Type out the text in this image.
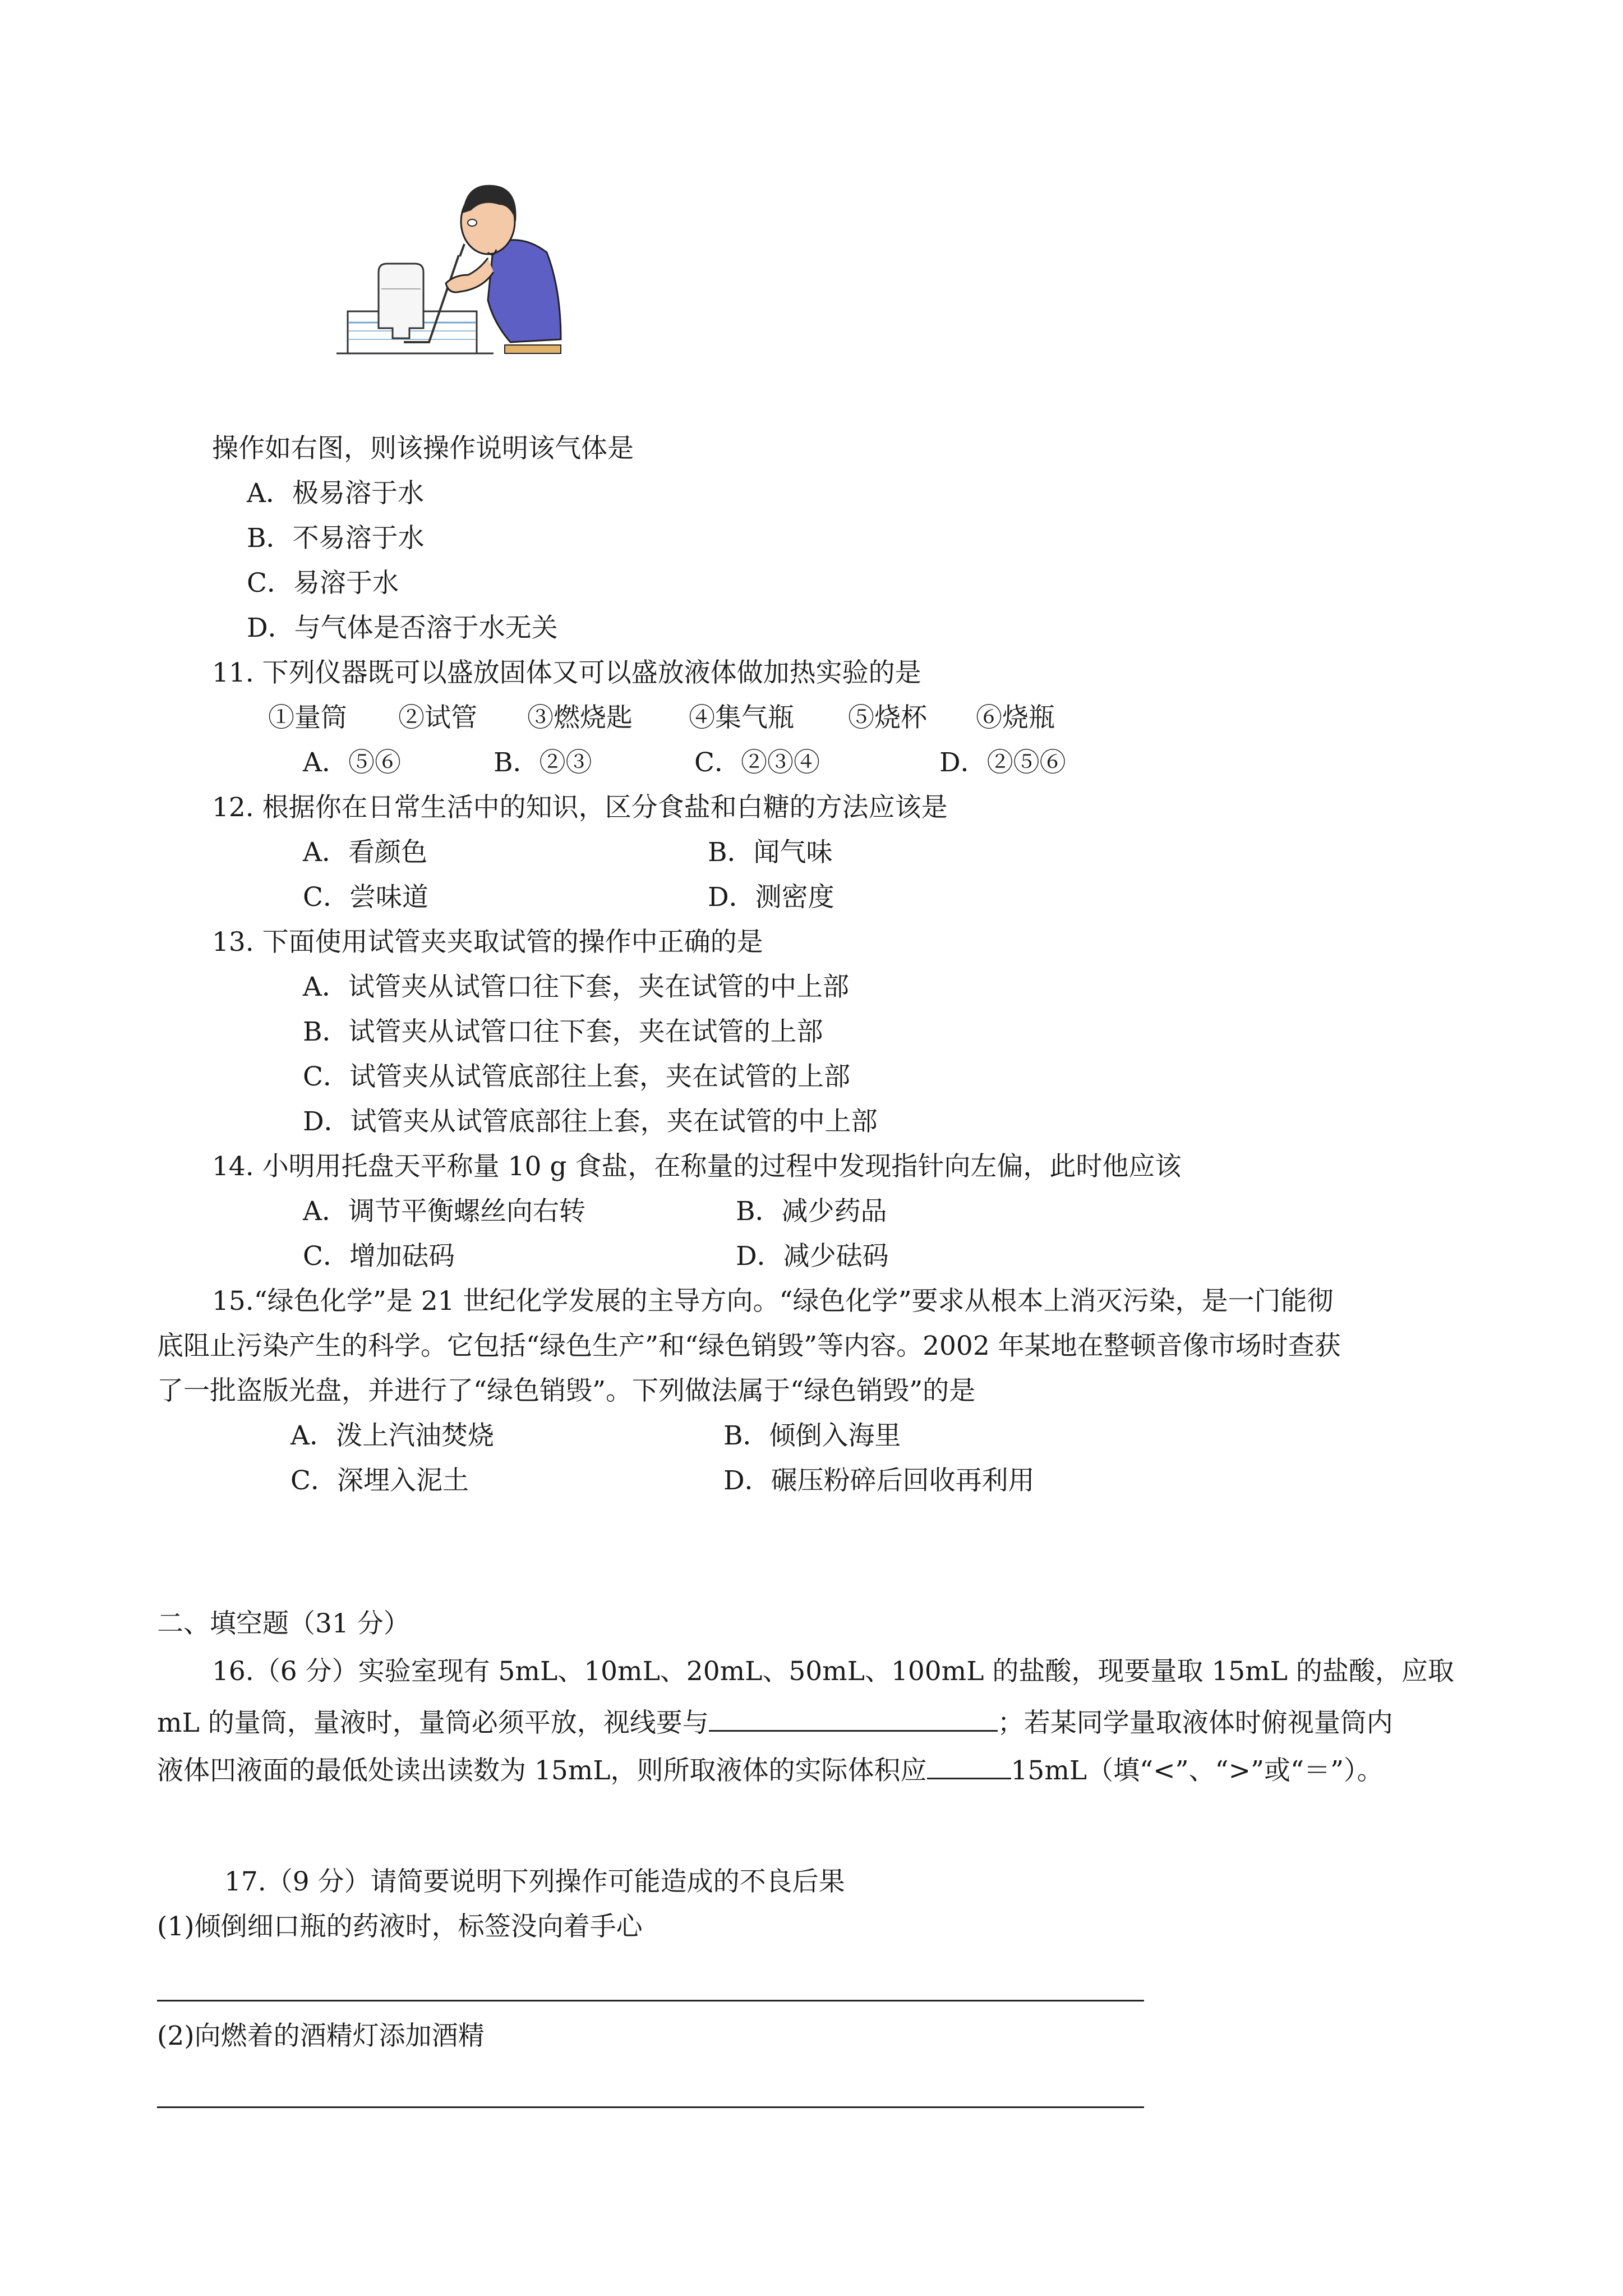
操作如右图，则该操作说明该气体是
A．极易溶于水
B．不易溶于水
C．易溶于水
D．与气体是否溶于水无关
11. 下列仪器既可以盛放固体又可以盛放液体做加热实验的是
①量筒 ②试管 ③燃烧匙 ④集气瓶 ⑤烧杯 ⑥烧瓶
A．⑤⑥	B．②③	C．②③④	D．②⑤⑥
12. 根据你在日常生活中的知识，区分食盐和白糖的方法应该是
A．看颜色	B．闻气味
C．尝味道	D．测密度
13. 下面使用试管夹夹取试管的操作中正确的是
A．试管夹从试管口往下套，夹在试管的中上部
B．试管夹从试管口往下套，夹在试管的上部
C．试管夹从试管底部往上套，夹在试管的上部
D．试管夹从试管底部往上套，夹在试管的中上部
14. 小明用托盘天平称量 10 g 食盐，在称量的过程中发现指针向左偏，此时他应该
A．调节平衡螺丝向右转	B．减少药品
C．增加砝码	D．减少砝码
15.“绿色化学”是 21 世纪化学发展的主导方向。“绿色化学”要求从根本上消灭污染，是一门能彻
底阻止污染产生的科学。它包括“绿色生产”和“绿色销毁”等内容。2002 年某地在整顿音像市场时查获
了一批盗版光盘，并进行了“绿色销毁”。下列做法属于“绿色销毁”的是
A．泼上汽油焚烧	B．倾倒入海里
C．深埋入泥土	D．碾压粉碎后回收再利用
二、填空题（31 分）
16.（6 分）实验室现有 5mL、10mL、20mL、50mL、100mL 的盐酸，现要量取 15mL 的盐酸，应取
mL 的量筒，量液时，量筒必须平放，视线要与	；若某同学量取液体时俯视量筒内
液体凹液面的最低处读出读数为 15mL，则所取液体的实际体积应	15mL（填“<”、“>”或“＝”）。
17.（9 分）请简要说明下列操作可能造成的不良后果
(1)倾倒细口瓶的药液时，标签没向着手心
(2)向燃着的酒精灯添加酒精
